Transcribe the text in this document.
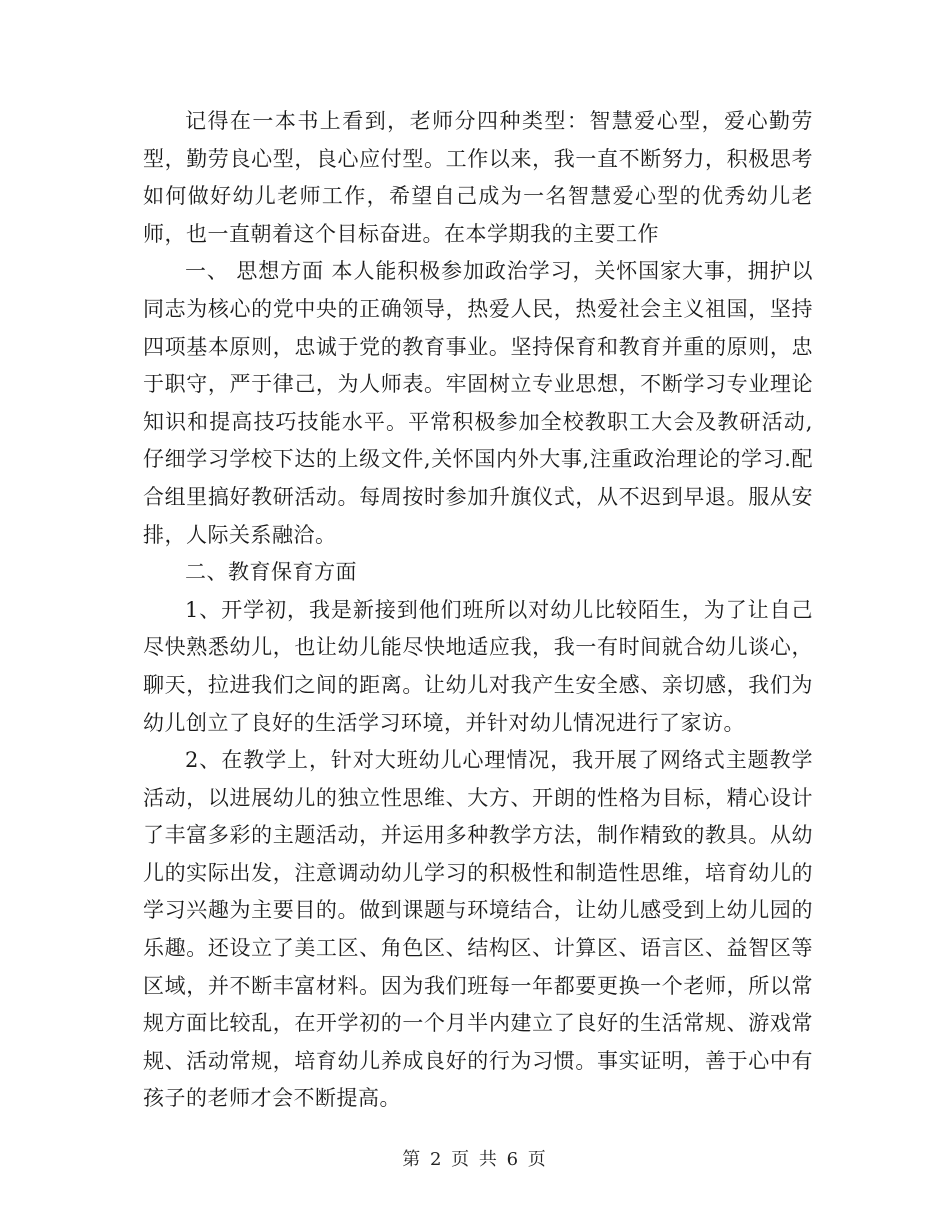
记得在一本书上看到，老师分四种类型：智慧爱心型，爱心勤劳型，勤劳良心型，良心应付型。工作以来，我一直不断努力，积极思考如何做好幼儿老师工作，希望自己成为一名智慧爱心型的优秀幼儿老师，也一直朝着这个目标奋进。在本学期我的主要工作

一、 思想方面 本人能积极参加政治学习，关怀国家大事，拥护以同志为核心的党中央的正确领导，热爱人民，热爱社会主义祖国，坚持四项基本原则，忠诚于党的教育事业。坚持保育和教育并重的原则，忠于职守，严于律己，为人师表。牢固树立专业思想，不断学习专业理论知识和提高技巧技能水平。平常积极参加全校教职工大会及教研活动,仔细学习学校下达的上级文件,关怀国内外大事,注重政治理论的学习.配合组里搞好教研活动。每周按时参加升旗仪式，从不迟到早退。服从安排，人际关系融洽。

二、教育保育方面

1、开学初，我是新接到他们班所以对幼儿比较陌生，为了让自己尽快熟悉幼儿，也让幼儿能尽快地适应我，我一有时间就合幼儿谈心，聊天，拉进我们之间的距离。让幼儿对我产生安全感、亲切感，我们为幼儿创立了良好的生活学习环境，并针对幼儿情况进行了家访。

2、在教学上，针对大班幼儿心理情况，我开展了网络式主题教学活动，以进展幼儿的独立性思维、大方、开朗的性格为目标，精心设计了丰富多彩的主题活动，并运用多种教学方法，制作精致的教具。从幼儿的实际出发，注意调动幼儿学习的积极性和制造性思维，培育幼儿的学习兴趣为主要目的。做到课题与环境结合，让幼儿感受到上幼儿园的乐趣。还设立了美工区、角色区、结构区、计算区、语言区、益智区等区域，并不断丰富材料。因为我们班每一年都要更换一个老师，所以常规方面比较乱，在开学初的一个月半内建立了良好的生活常规、游戏常规、活动常规，培育幼儿养成良好的行为习惯。事实证明，善于心中有孩子的老师才会不断提高。

第 2 页 共 6 页
